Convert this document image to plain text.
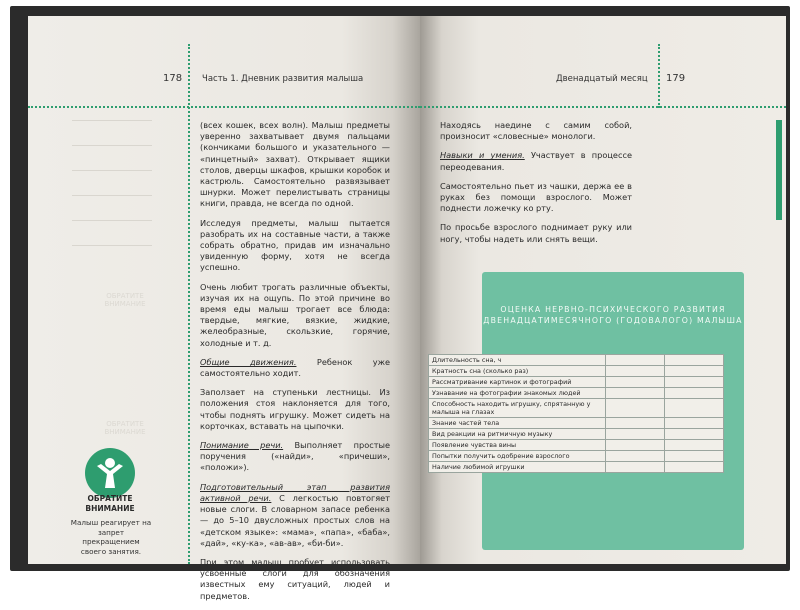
178 Часть 1. Дневник развития малыша	Двенадцатый месяц 179
ОБРАТИТЕ ВНИМАНИЕ
ОБРАТИТЕ ВНИМАНИЕ
ОБРАТИТЕ ВНИМАНИЕ
Малыш реагирует на запрет прекращением своего занятия.

(всех кошек, всех волн). Малыш предметы уверенно захватывает двумя пальцами (кончиками большого и указательного — «пинцетный» захват). Открывает ящики столов, дверцы шкафов, крышки коробок и кастрюль. Самостоятельно развязывает шнурки. Может перелистывать страницы книги, правда, не всегда по одной.

Исследуя предметы, малыш пытается разобрать их на составные части, а также собрать обратно, придав им изначально увиденную форму, хотя не всегда успешно.

Очень любит трогать различные объекты, изучая их на ощупь. По этой причине во время еды малыш трогает все блюда: твердые, мягкие, вязкие, жидкие, желеобразные, скользкие, горячие, холодные и т. д.

Общие движения. Ребенок уже самостоятельно ходит.

Заползает на ступеньки лестницы. Из положения стоя наклоняется для того, чтобы поднять игрушку. Может сидеть на корточках, вставать на цыпочки.

Понимание речи. Выполняет простые поручения («найди», «причеши», «положи»).

Подготовительный этап развития активной речи. С легкостью повтогяет новые слоги. В словарном запасе ребенка — до 5–10 двусложных простых слов на «детском языке»: «мама», «папа», «баба», «дай», «ку-ка», «ав-ав», «би-би».

При этом малыш пробует использовать усвоенные слоги для обозначения известных ему ситуаций, людей и предметов.

Находясь наедине с самим собой, произносит «словесные» монологи.

Навыки и умения. Участвует в процессе переодевания.

Самостоятельно пьет из чашки, держа ее в руках без помощи взрослого. Может поднести ложечку ко рту.

По просьбе взрослого поднимает руку или ногу, чтобы надеть или снять вещи.

ОЦЕНКА НЕРВНО-ПСИХИЧЕСКОГО РАЗВИТИЯ ДВЕНАДЦАТИМЕСЯЧНОГО (ГОДОВАЛОГО) МАЛЫША
Длительность сна, ч		
Кратность сна (сколько раз)		
Рассматривание картинок и фотографий		
Узнавание на фотографии знакомых людей		
Способность находить игрушку, спрятанную у малыша на глазах		
Знание частей тела		
Вид реакции на ритмичную музыку		
Появление чувства вины		
Попытки получить одобрение взрослого		
Наличие любимой игрушки		
